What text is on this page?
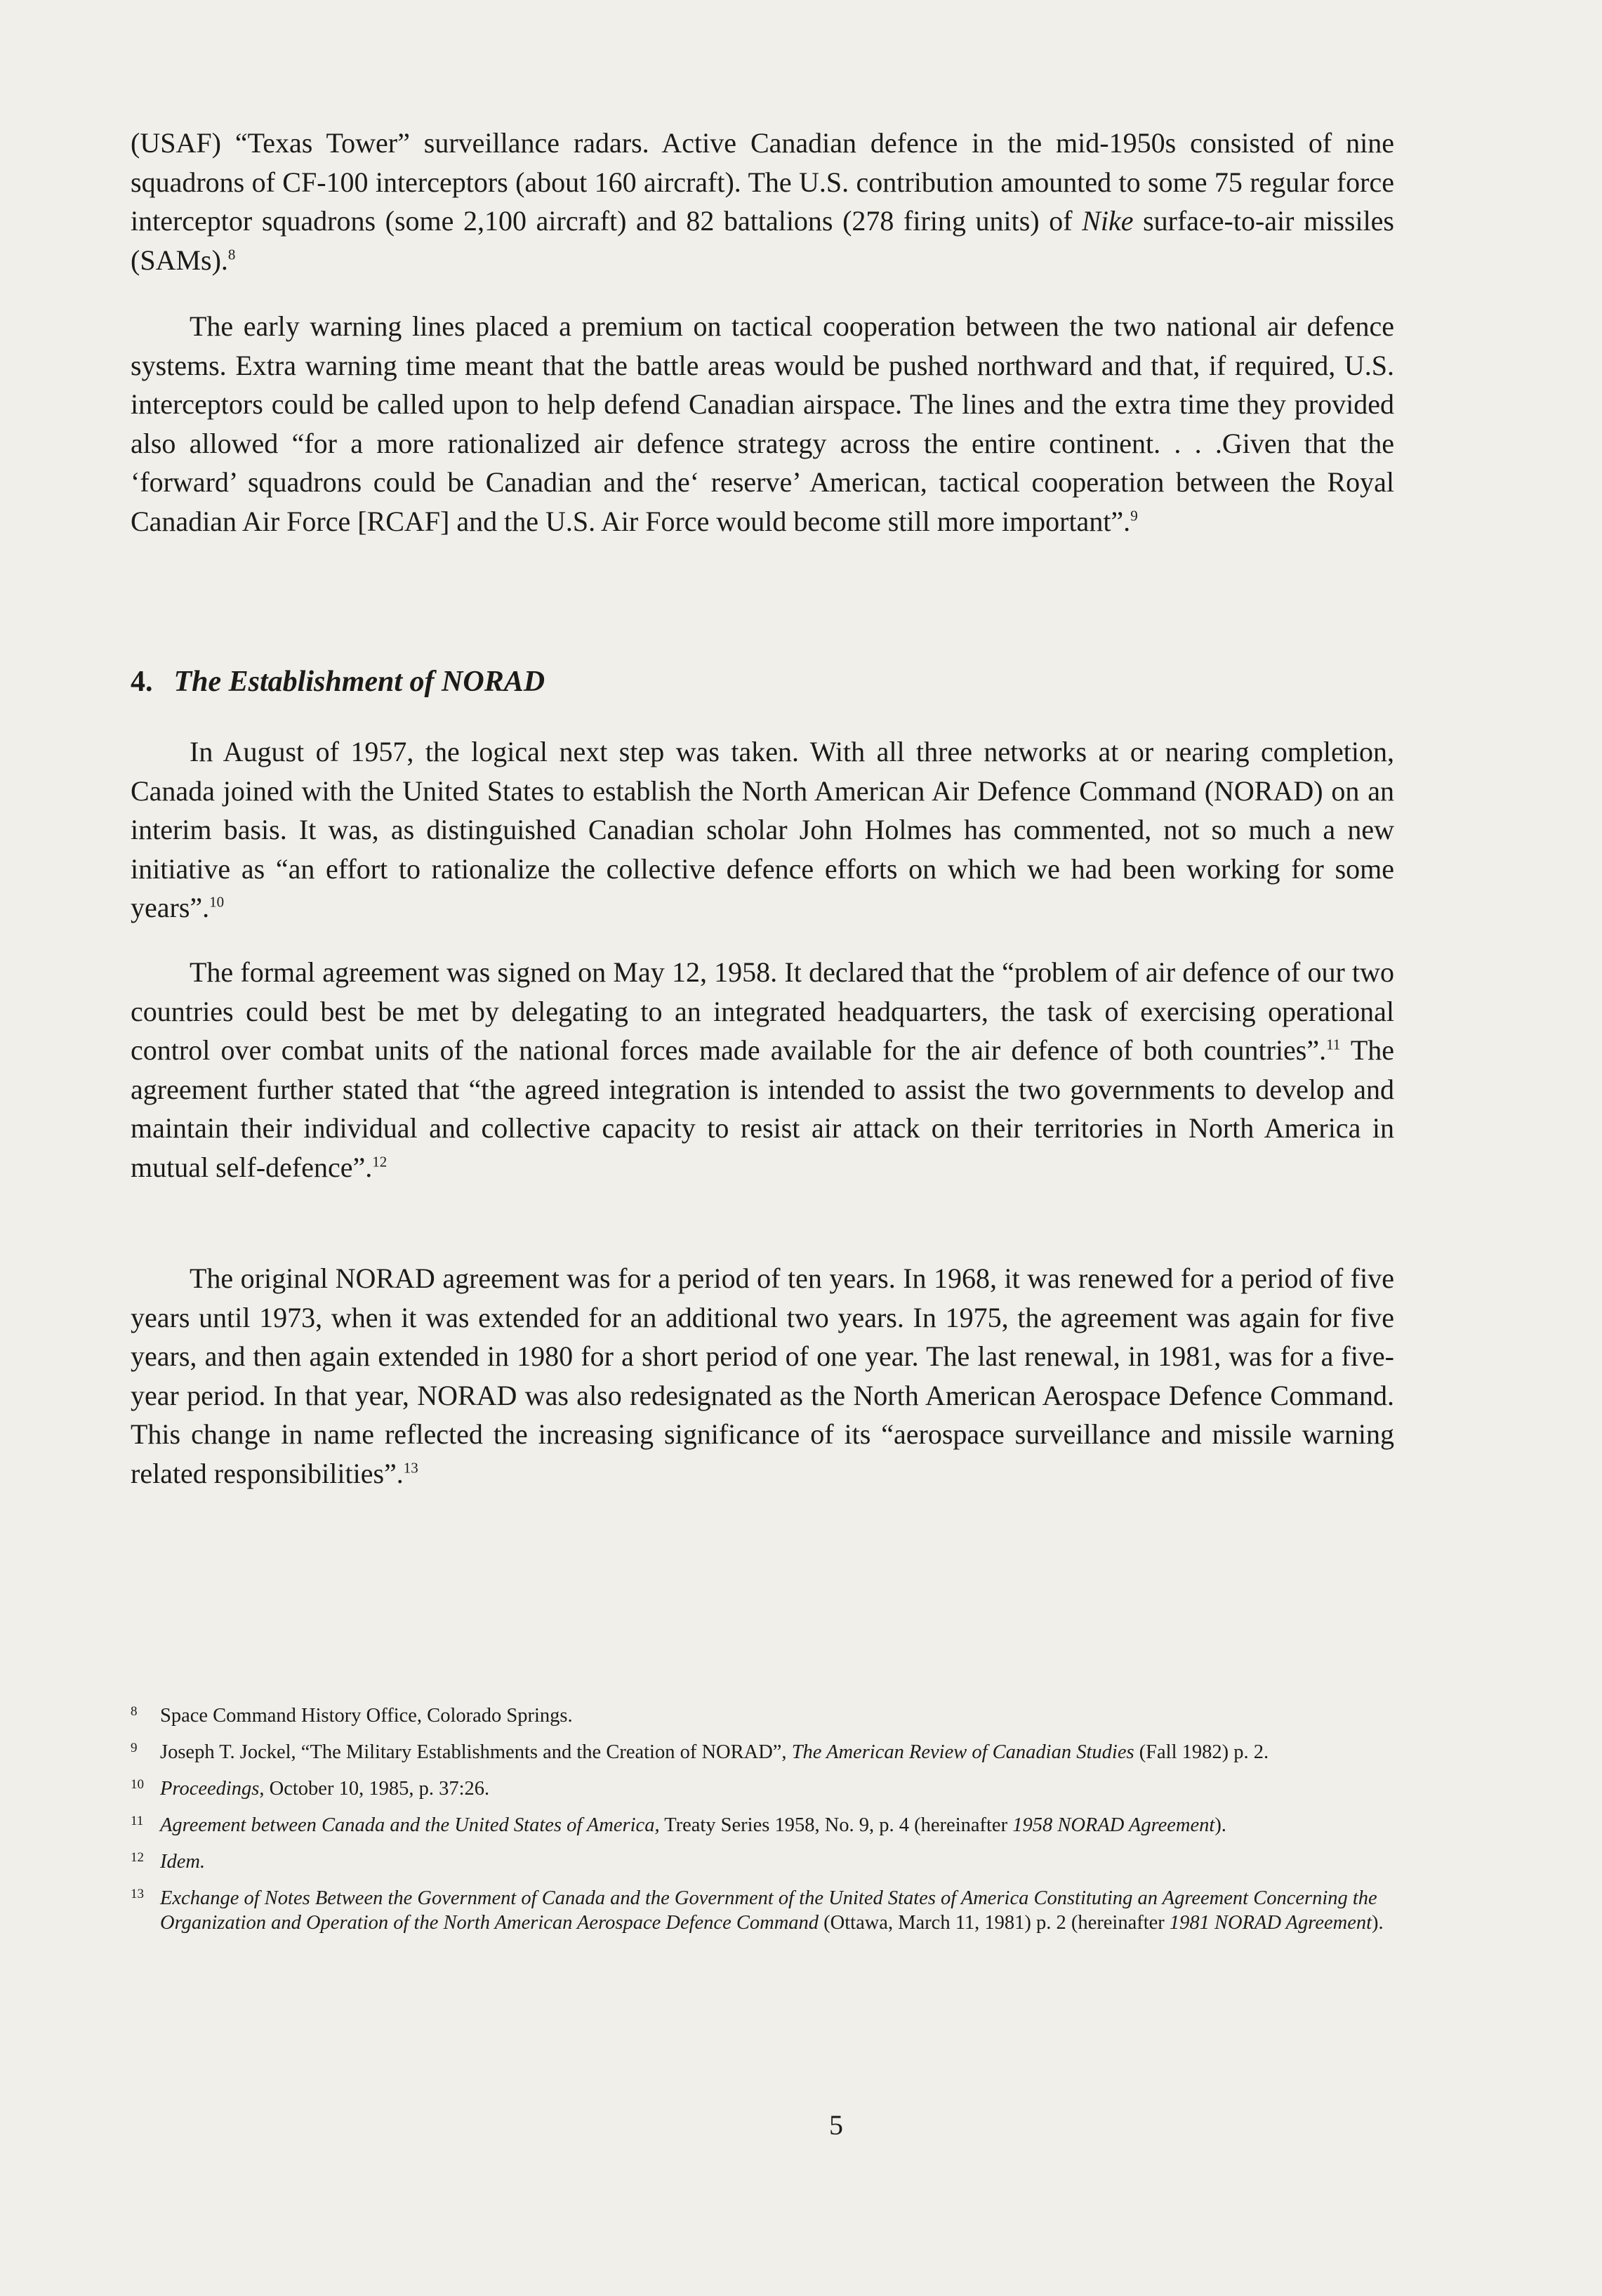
(USAF) “Texas Tower” surveillance radars. Active Canadian defence in the mid-1950s consisted of nine squadrons of CF-100 interceptors (about 160 aircraft). The U.S. contribution amounted to some 75 regular force interceptor squadrons (some 2,100 aircraft) and 82 battalions (278 firing units) of Nike surface-to-air missiles (SAMs).$^8$

The early warning lines placed a premium on tactical cooperation between the two national air defence systems. Extra warning time meant that the battle areas would be pushed northward and that, if required, U.S. interceptors could be called upon to help defend Canadian airspace. The lines and the extra time they provided also allowed “for a more rationalized air defence strategy across the entire continent. . . .Given that the ‘forward’ squadrons could be Canadian and the‘ reserve’ American, tactical cooperation between the Royal Canadian Air Force [RCAF] and the U.S. Air Force would become still more important”.$^9$

4. The Establishment of NORAD

In August of 1957, the logical next step was taken. With all three networks at or nearing completion, Canada joined with the United States to establish the North American Air Defence Command (NORAD) on an interim basis. It was, as distinguished Canadian scholar John Holmes has commented, not so much a new initiative as “an effort to rationalize the collective defence efforts on which we had been working for some years”.$^{10}$

The formal agreement was signed on May 12, 1958. It declared that the “problem of air defence of our two countries could best be met by delegating to an integrated headquarters, the task of exercising operational control over combat units of the national forces made available for the air defence of both countries”.$^{11}$ The agreement further stated that “the agreed integration is intended to assist the two governments to develop and maintain their individual and collective capacity to resist air attack on their territories in North America in mutual self-defence”.$^{12}$

The original NORAD agreement was for a period of ten years. In 1968, it was renewed for a period of five years until 1973, when it was extended for an additional two years. In 1975, the agreement was again for five years, and then again extended in 1980 for a short period of one year. The last renewal, in 1981, was for a five-year period. In that year, NORAD was also redesignated as the North American Aerospace Defence Command. This change in name reflected the increasing significance of its “aerospace surveillance and missile warning related responsibilities”.$^{13}$

8 Space Command History Office, Colorado Springs.
9 Joseph T. Jockel, “The Military Establishments and the Creation of NORAD”, The American Review of Canadian Studies (Fall 1982) p. 2.
10 Proceedings, October 10, 1985, p. 37:26.
11 Agreement between Canada and the United States of America, Treaty Series 1958, No. 9, p. 4 (hereinafter 1958 NORAD Agreement).
12 Idem.
13 Exchange of Notes Between the Government of Canada and the Government of the United States of America Constituting an Agreement Concerning the Organization and Operation of the North American Aerospace Defence Command (Ottawa, March 11, 1981) p. 2 (hereinafter 1981 NORAD Agreement).
5
